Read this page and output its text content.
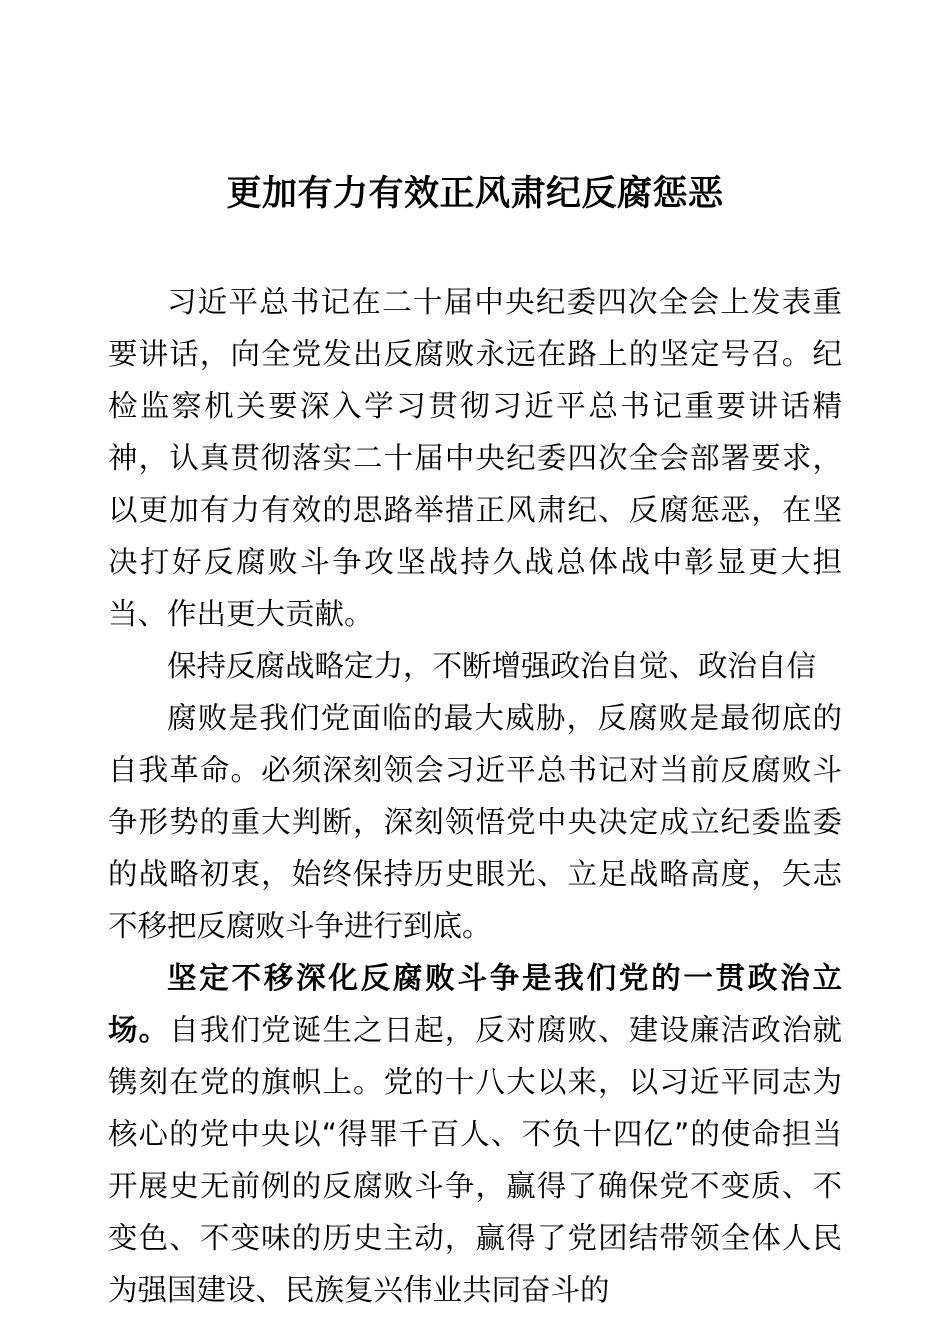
更加有力有效正风肃纪反腐惩恶

习近平总书记在二十届中央纪委四次全会上发表重要讲话，向全党发出反腐败永远在路上的坚定号召。纪检监察机关要深入学习贯彻习近平总书记重要讲话精神，认真贯彻落实二十届中央纪委四次全会部署要求，以更加有力有效的思路举措正风肃纪、反腐惩恶，在坚决打好反腐败斗争攻坚战持久战总体战中彰显更大担当、作出更大贡献。

保持反腐战略定力，不断增强政治自觉、政治自信

腐败是我们党面临的最大威胁，反腐败是最彻底的自我革命。必须深刻领会习近平总书记对当前反腐败斗争形势的重大判断，深刻领悟党中央决定成立纪委监委的战略初衷，始终保持历史眼光、立足战略高度，矢志不移把反腐败斗争进行到底。

坚定不移深化反腐败斗争是我们党的一贯政治立场。自我们党诞生之日起，反对腐败、建设廉洁政治就镌刻在党的旗帜上。党的十八大以来，以习近平同志为核心的党中央以“得罪千百人、不负十四亿”的使命担当开展史无前例的反腐败斗争，赢得了确保党不变质、不变色、不变味的历史主动，赢得了党团结带领全体人民为强国建设、民族复兴伟业共同奋斗的
